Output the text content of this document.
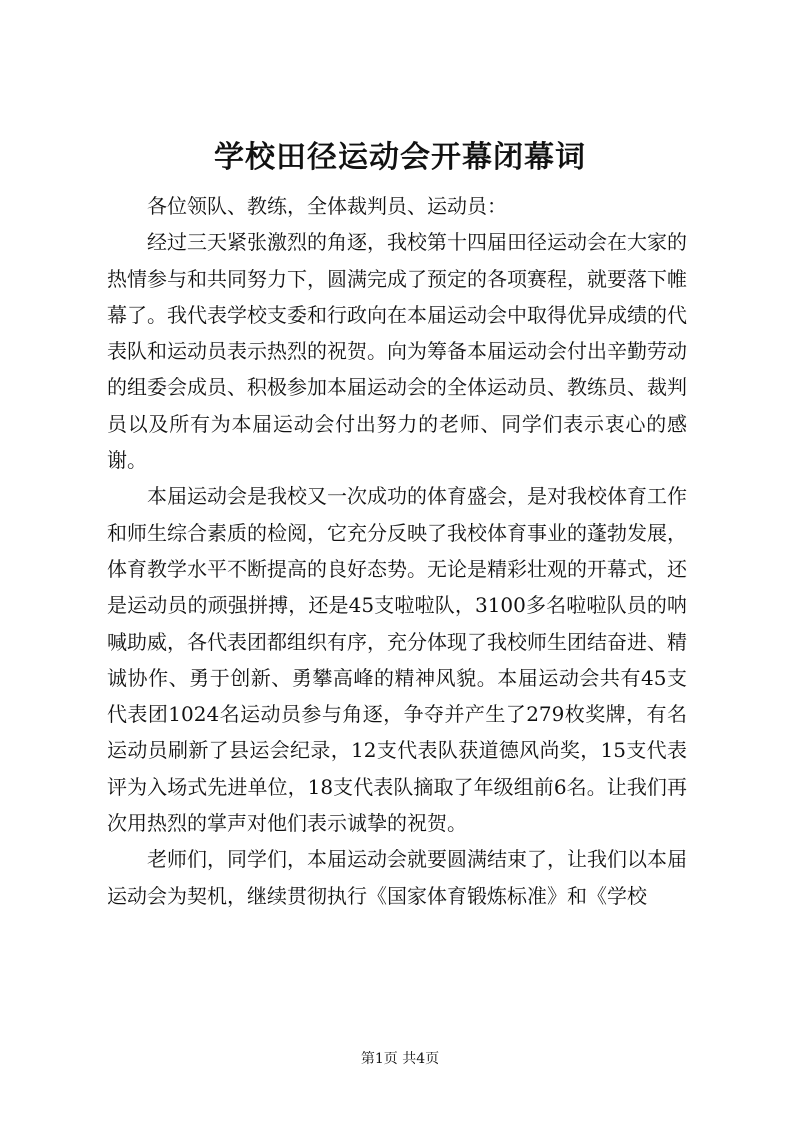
学校田径运动会开幕闭幕词

各位领队、教练，全体裁判员、运动员：

经过三天紧张激烈的角逐，我校第十四届田径运动会在大家的热情参与和共同努力下，圆满完成了预定的各项赛程，就要落下帷幕了。我代表学校支委和行政向在本届运动会中取得优异成绩的代表队和运动员表示热烈的祝贺。向为筹备本届运动会付出辛勤劳动的组委会成员、积极参加本届运动会的全体运动员、教练员、裁判员以及所有为本届运动会付出努力的老师、同学们表示衷心的感谢。

本届运动会是我校又一次成功的体育盛会，是对我校体育工作和师生综合素质的检阅，它充分反映了我校体育事业的蓬勃发展，体育教学水平不断提高的良好态势。无论是精彩壮观的开幕式，还是运动员的顽强拼搏，还是45支啦啦队，3100多名啦啦队员的呐喊助威，各代表团都组织有序，充分体现了我校师生团结奋进、精诚协作、勇于创新、勇攀高峰的精神风貌。本届运动会共有45支代表团1024名运动员参与角逐，争夺并产生了279枚奖牌，有名运动员刷新了县运会纪录，12支代表队获道德风尚奖，15支代表评为入场式先进单位，18支代表队摘取了年级组前6名。让我们再次用热烈的掌声对他们表示诚挚的祝贺。

老师们，同学们，本届运动会就要圆满结束了，让我们以本届运动会为契机，继续贯彻执行《国家体育锻炼标准》和《学校

第1页 共4页
